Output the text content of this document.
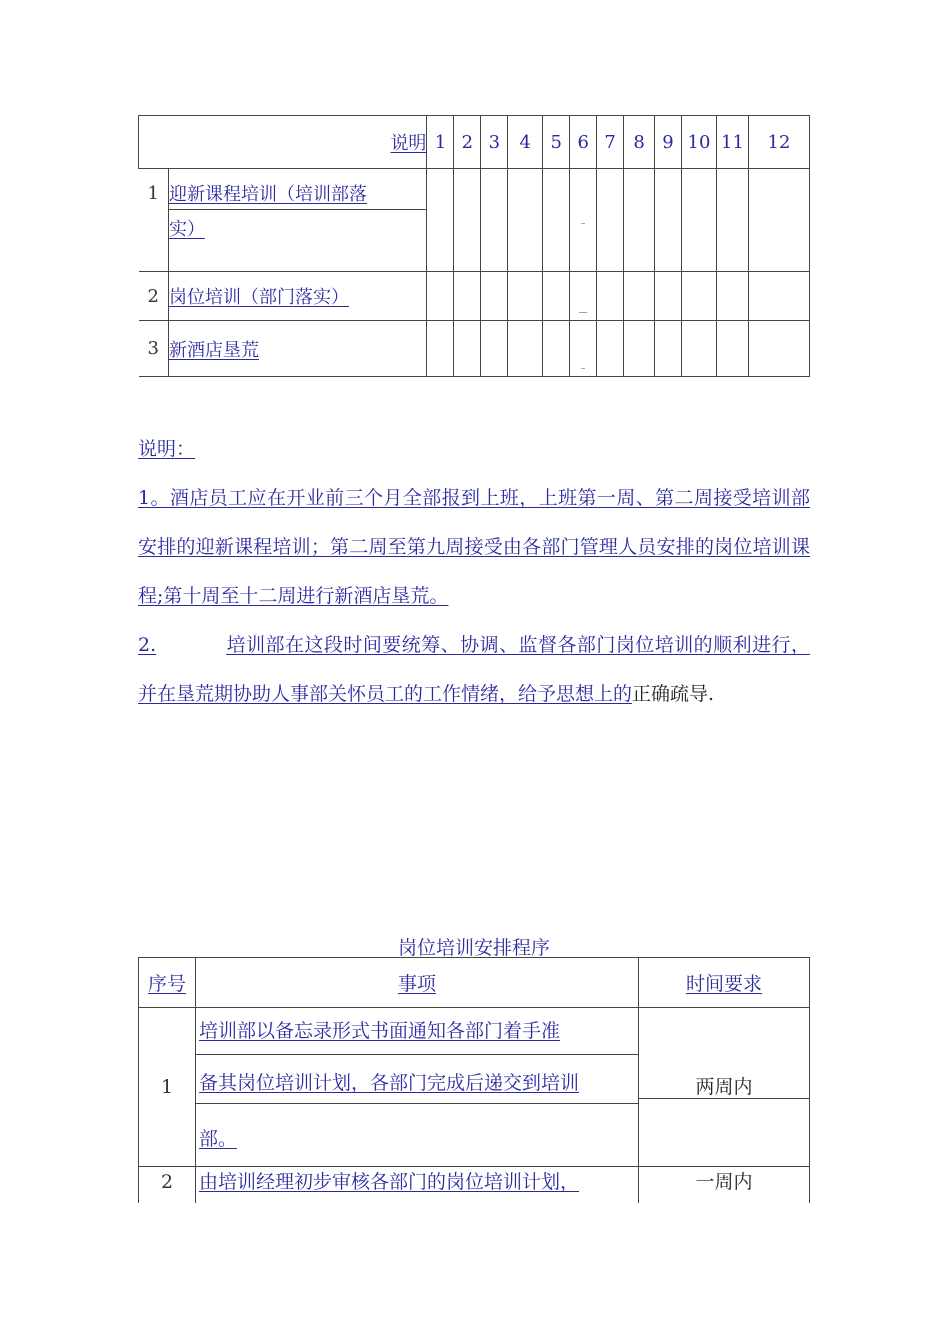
说明		1	2	3	4	5	6	7	8	9	10	11	12
1	迎新课程培训（培训部落
实）						–						
2	岗位培训（部门落实）						—						
3	新酒店垦荒						–						

说明：

1。酒店员工应在开业前三个月全部报到上班，上班第一周、第二周接受培训部安排的迎新课程培训；第二周至第九周接受由各部门管理人员安排的岗位培训课程;第十周至十二周进行新酒店垦荒。

2.	培训部在这段时间要统筹、协调、监督各部门岗位培训的顺利进行，并在垦荒期协助人事部关怀员工的工作情绪，给予思想上的正确疏导.

岗位培训安排程序
序号	事项	时间要求
1	培训部以备忘录形式书面通知各部门着手准
备其岗位培训计划，各部门完成后递交到培训
部。	两周内

2	由培训经理初步审核各部门的岗位培训计划，	一周内
